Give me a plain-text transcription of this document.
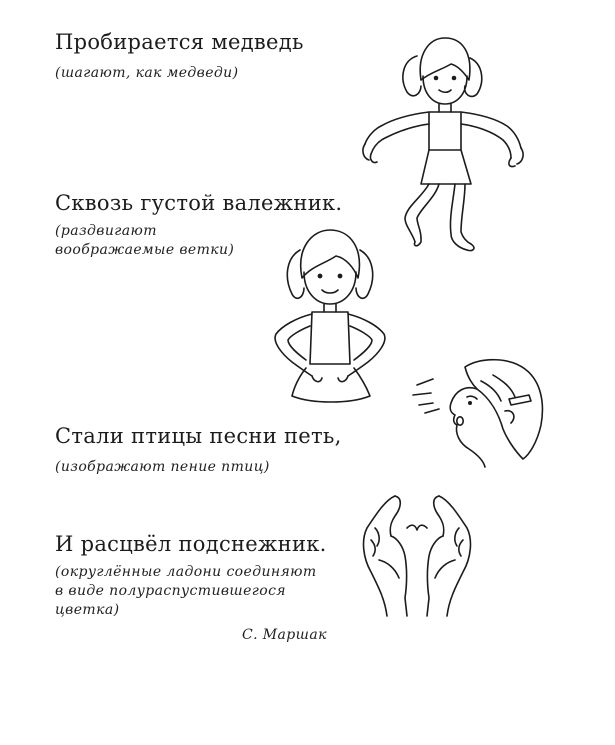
Пробирается медведь
(шагают, как медведи)
Сквозь густой валежник.
(раздвигают
воображаемые ветки)
Стали птицы песни петь,
(изображают пение птиц)
И расцвёл подснежник.
(округлённые ладони соединяют
в виде полураспустившегося
цветка)
С. Маршак
